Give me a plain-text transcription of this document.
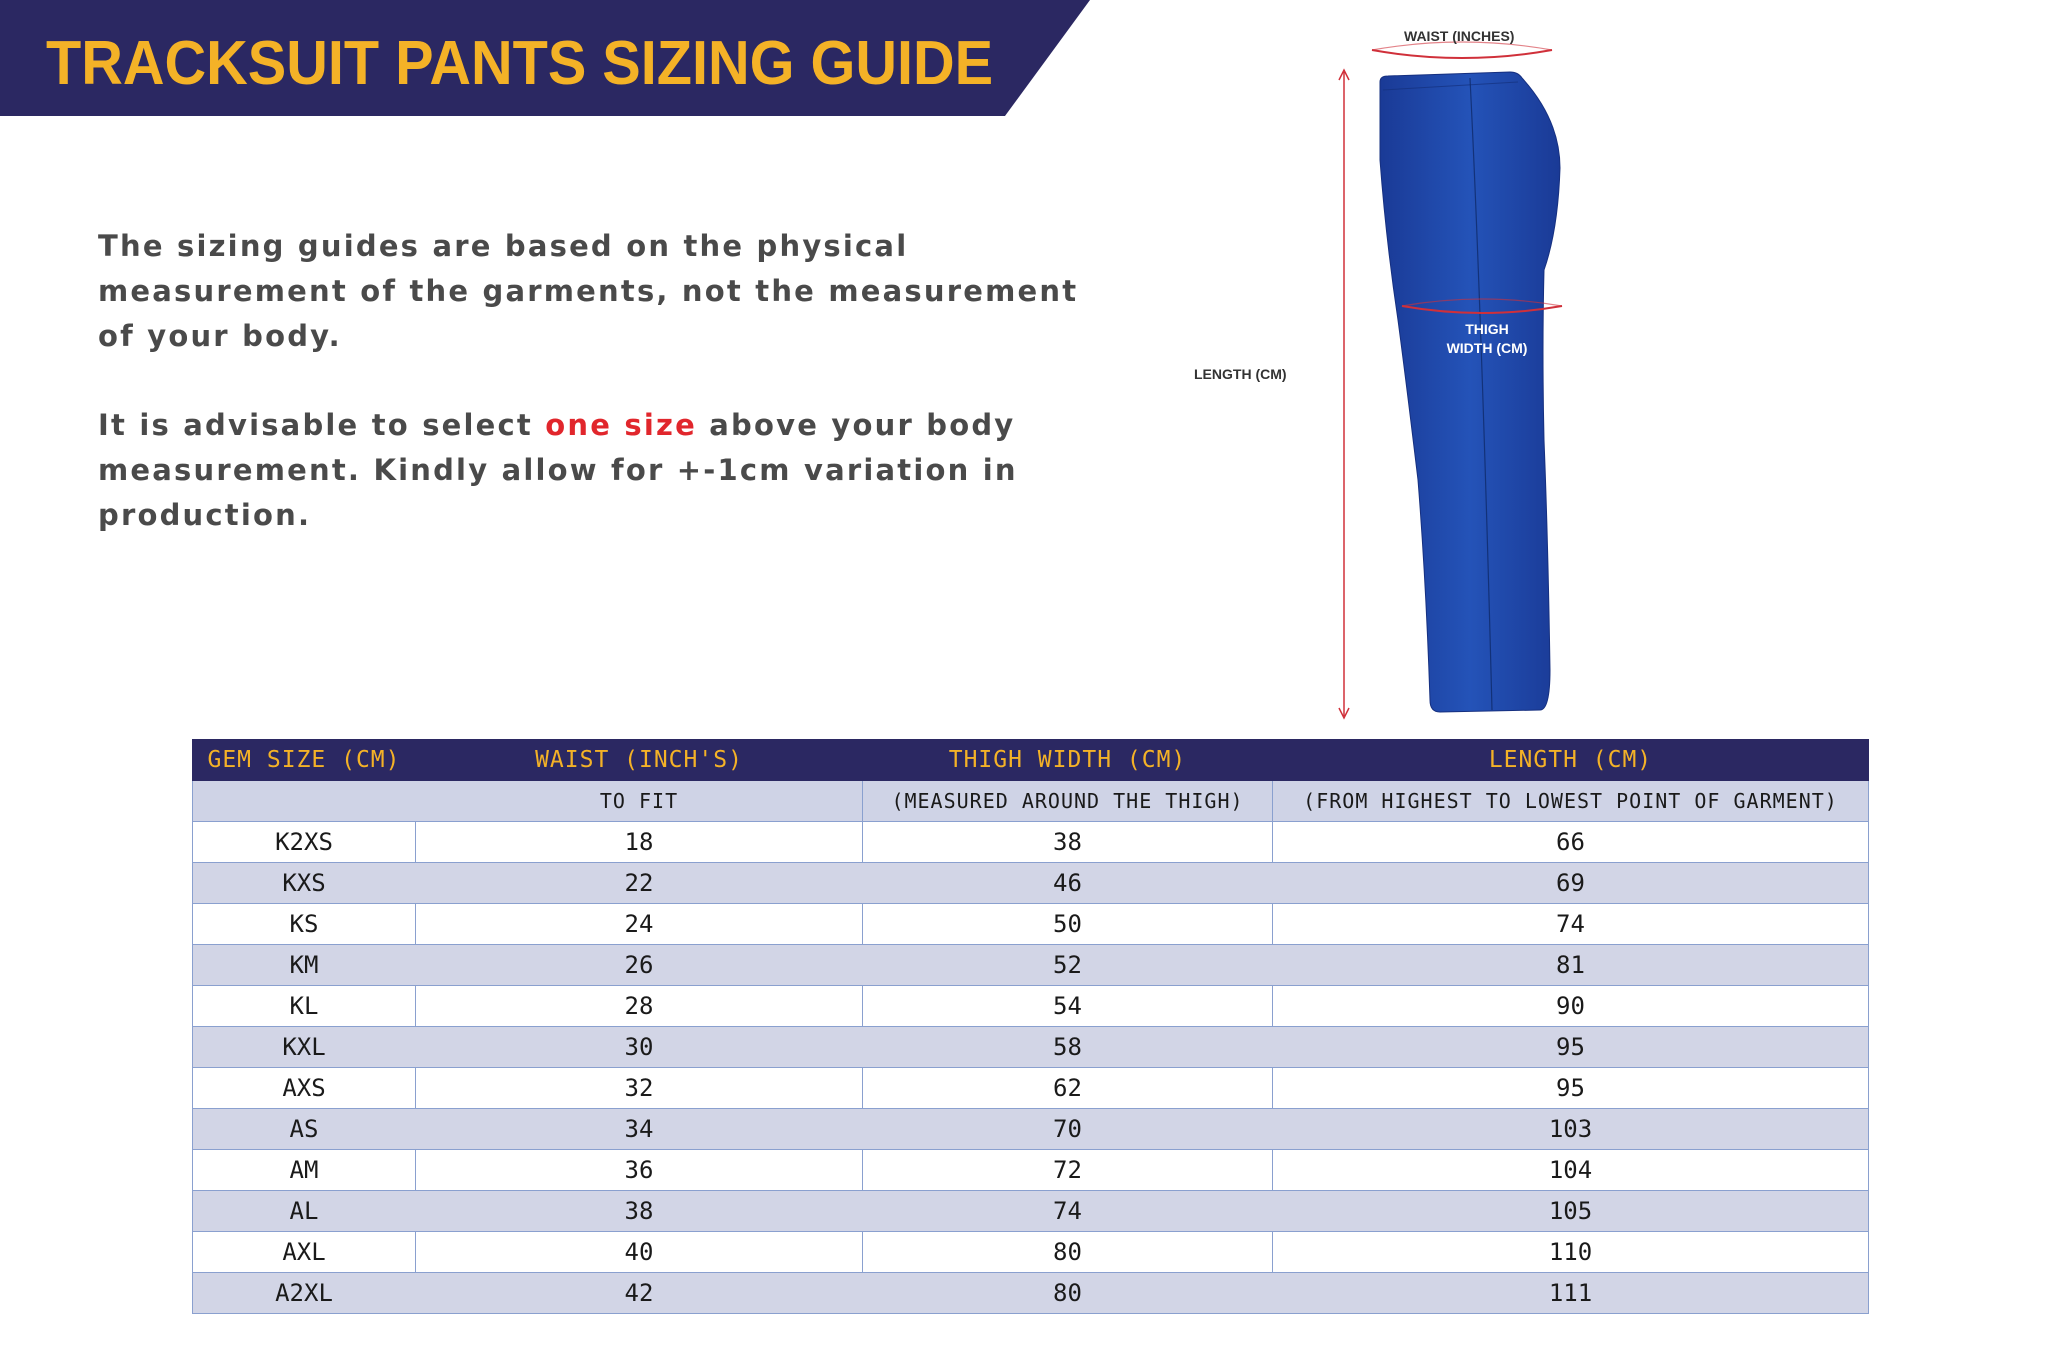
TRACKSUIT PANTS SIZING GUIDE

The sizing guides are based on the physical measurement of the garments, not the measurement of your body.

It is advisable to select one size above your body measurement. Kindly allow for +-1cm variation in production.

WAIST (INCHES)
LENGTH (CM)
THIGH
WIDTH (CM)
GEM SIZE (CM)	WAIST (INCH'S)	THIGH WIDTH (CM)	LENGTH (CM)
	TO FIT	(MEASURED AROUND THE THIGH)	(FROM HIGHEST TO LOWEST POINT OF GARMENT)
K2XS	18	38	66
KXS	22	46	69
KS	24	50	74
KM	26	52	81
KL	28	54	90
KXL	30	58	95
AXS	32	62	95
AS	34	70	103
AM	36	72	104
AL	38	74	105
AXL	40	80	110
A2XL	42	80	111
